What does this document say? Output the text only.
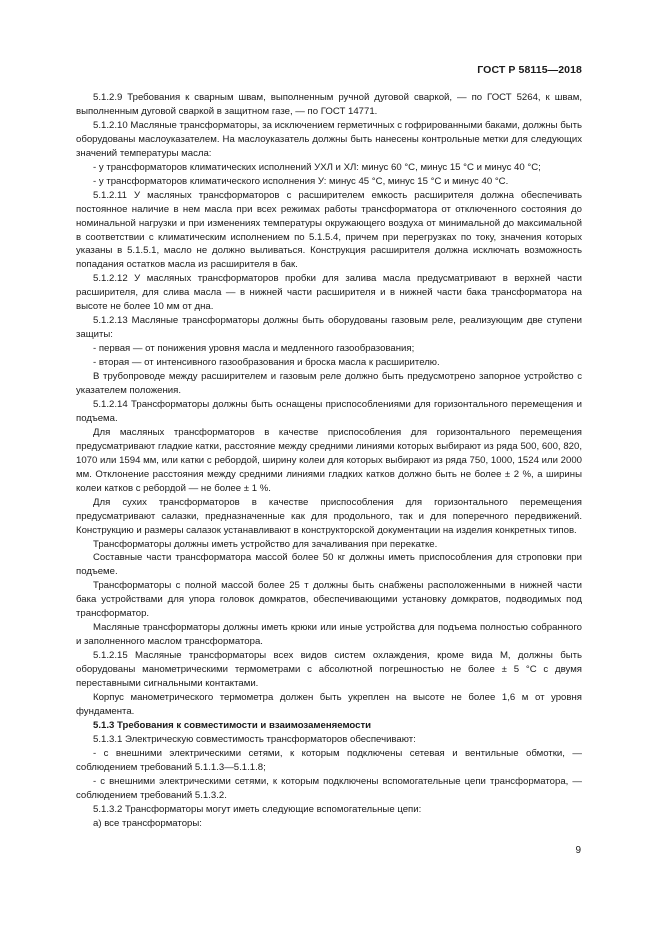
ГОСТ Р 58115—2018

5.1.2.9 Требования к сварным швам, выполненным ручной дуговой сваркой, — по ГОСТ 5264, к швам, выполненным дуговой сваркой в защитном газе, — по ГОСТ 14771.

5.1.2.10 Масляные трансформаторы, за исключением герметичных с гофрированными баками, должны быть оборудованы маслоуказателем. На маслоуказатель должны быть нанесены контрольные метки для следующих значений температуры масла:

- у трансформаторов климатических исполнений УХЛ и ХЛ: минус 60 °С, минус 15 °С и минус 40 °С;

- у трансформаторов климатического исполнения У: минус 45 °С, минус 15 °С и минус 40 °С.

5.1.2.11 У масляных трансформаторов с расширителем емкость расширителя должна обеспечивать постоянное наличие в нем масла при всех режимах работы трансформатора от отключенного состояния до номинальной нагрузки и при изменениях температуры окружающего воздуха от минимальной до максимальной в соответствии с климатическим исполнением по 5.1.5.4, причем при перегрузках по току, значения которых указаны в 5.1.5.1, масло не должно выливаться. Конструкция расширителя должна исключать возможность попадания остатков масла из расширителя в бак.

5.1.2.12 У масляных трансформаторов пробки для залива масла предусматривают в верхней части расширителя, для слива масла — в нижней части расширителя и в нижней части бака трансформатора на высоте не более 10 мм от дна.

5.1.2.13 Масляные трансформаторы должны быть оборудованы газовым реле, реализующим две ступени защиты:

- первая — от понижения уровня масла и медленного газообразования;

- вторая — от интенсивного газообразования и броска масла к расширителю.

В трубопроводе между расширителем и газовым реле должно быть предусмотрено запорное устройство с указателем положения.

5.1.2.14 Трансформаторы должны быть оснащены приспособлениями для горизонтального перемещения и подъема.

Для масляных трансформаторов в качестве приспособления для горизонтального перемещения предусматривают гладкие катки, расстояние между средними линиями которых выбирают из ряда 500, 600, 820, 1070 или 1594 мм, или катки с ребордой, ширину колеи для которых выбирают из ряда 750, 1000, 1524 или 2000 мм. Отклонение расстояния между средними линиями гладких катков должно быть не более ± 2 %, а ширины колеи катков с ребордой — не более ± 1 %.

Для сухих трансформаторов в качестве приспособления для горизонтального перемещения предусматривают салазки, предназначенные как для продольного, так и для поперечного передвижений. Конструкцию и размеры салазок устанавливают в конструкторской документации на изделия конкретных типов.

Трансформаторы должны иметь устройство для зачаливания при перекатке.

Составные части трансформатора массой более 50 кг должны иметь приспособления для строповки при подъеме.

Трансформаторы с полной массой более 25 т должны быть снабжены расположенными в нижней части бака устройствами для упора головок домкратов, обеспечивающими установку домкратов, подводимых под трансформатор.

Масляные трансформаторы должны иметь крюки или иные устройства для подъема полностью собранного и заполненного маслом трансформатора.

5.1.2.15 Масляные трансформаторы всех видов систем охлаждения, кроме вида М, должны быть оборудованы манометрическими термометрами с абсолютной погрешностью не более ± 5 °С с двумя переставными сигнальными контактами.

Корпус манометрического термометра должен быть укреплен на высоте не более 1,6 м от уровня фундамента.

5.1.3 Требования к совместимости и взаимозаменяемости

5.1.3.1 Электрическую совместимость трансформаторов обеспечивают:

- с внешними электрическими сетями, к которым подключены сетевая и вентильные обмотки, — соблюдением требований 5.1.1.3—5.1.1.8;

- с внешними электрическими сетями, к которым подключены вспомогательные цепи трансформатора, — соблюдением требований 5.1.3.2.

5.1.3.2 Трансформаторы могут иметь следующие вспомогательные цепи:

а) все трансформаторы:

9
